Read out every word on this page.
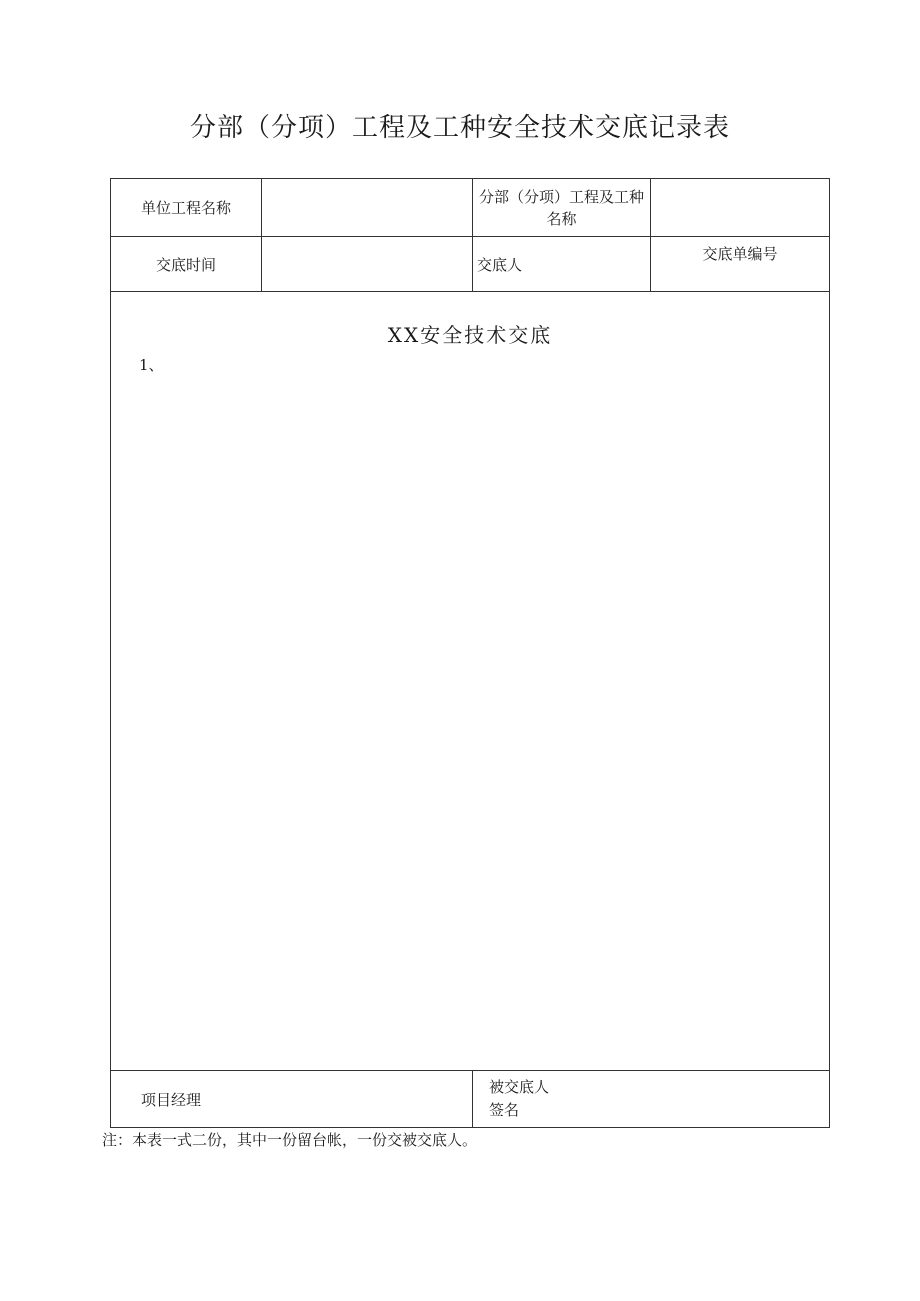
分部（分项）工程及工种安全技术交底记录表
单位工程名称		分部（分项）工程及工种名称	
交底时间		交底人	交底单编号

XX安全技术交底
1、			

项目经理		被交底人
签名	
注：本表一式二份，其中一份留台帐，一份交被交底人。
